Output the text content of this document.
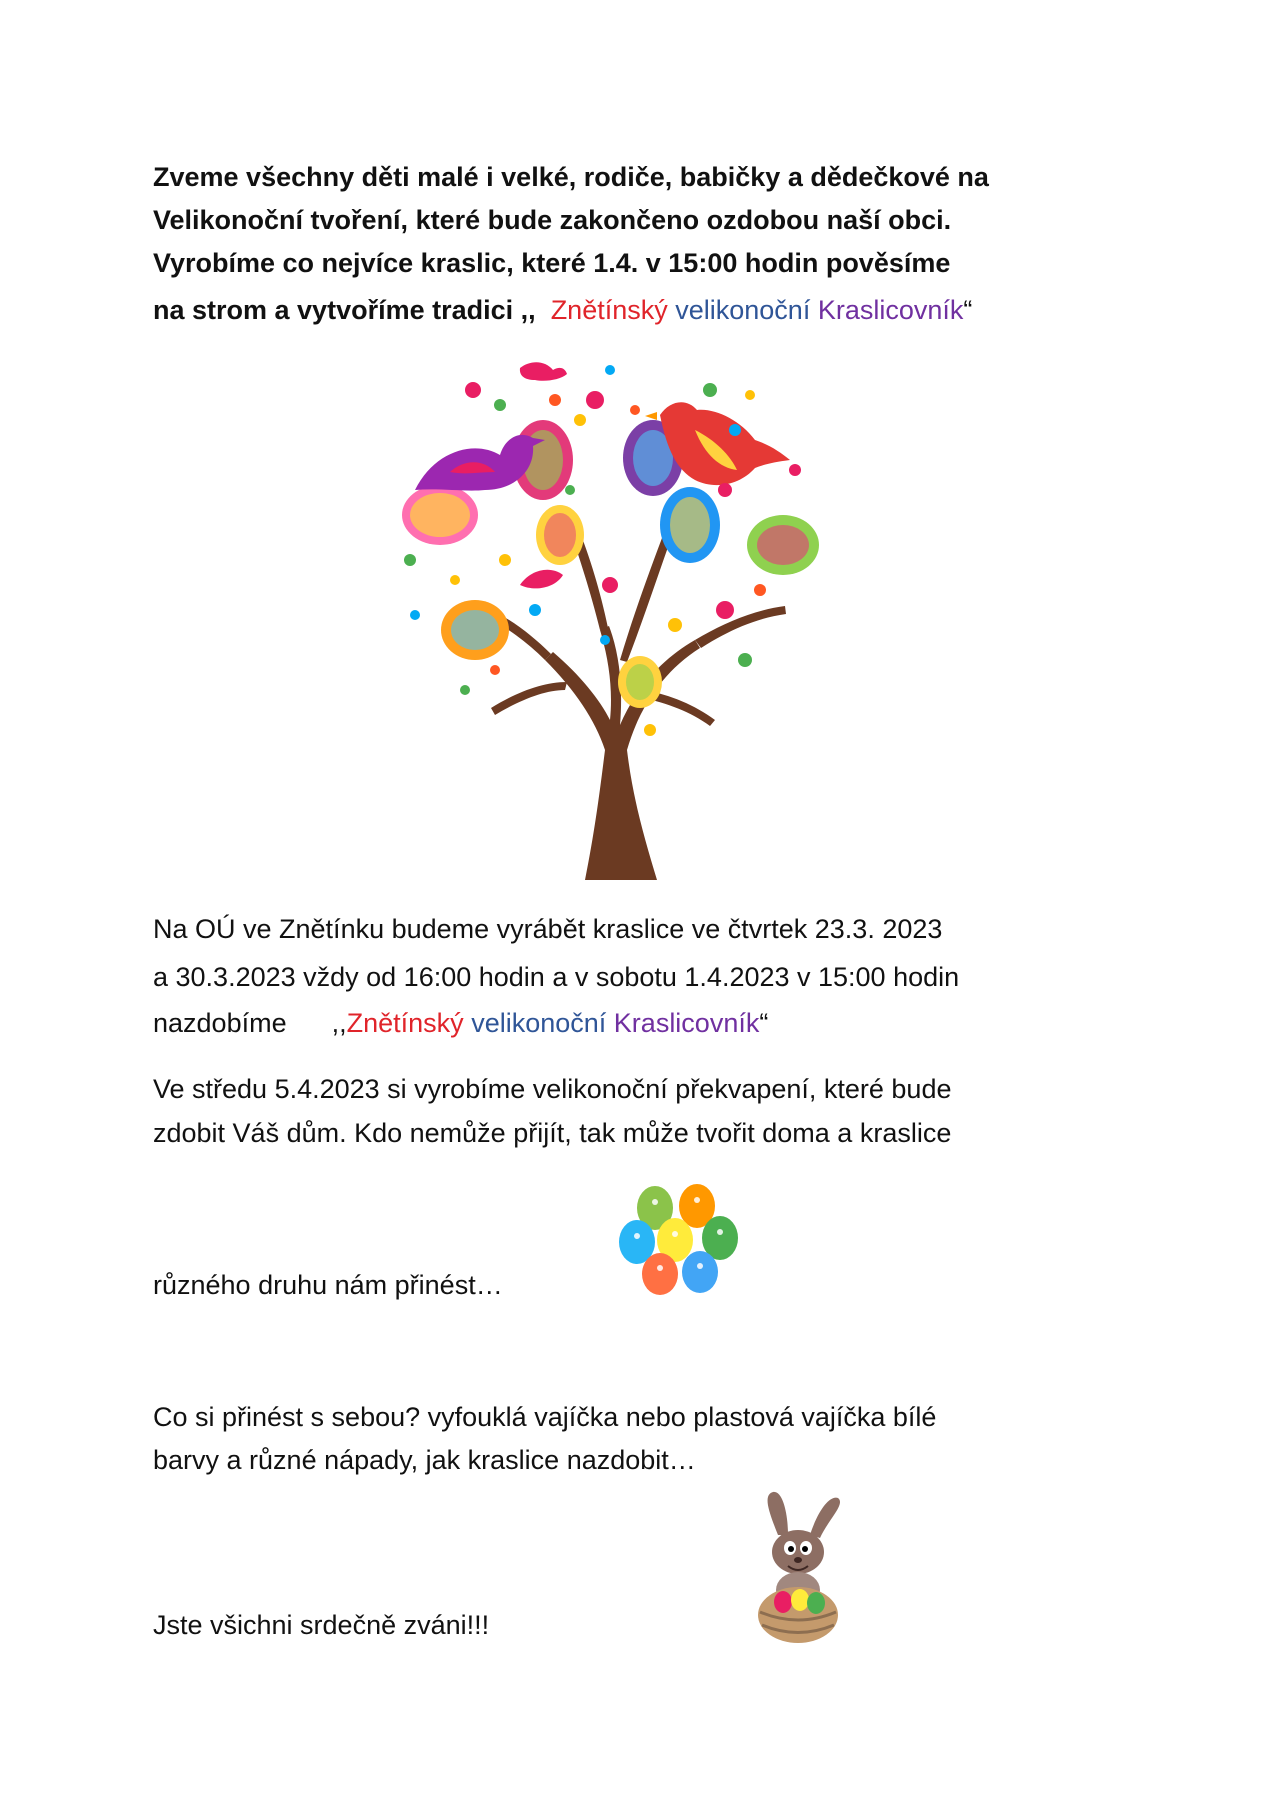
Zveme všechny děti malé i velké, rodiče, babičky a dědečkové na
Velikonoční tvoření, které bude zakončeno ozdobou naší obci.
Vyrobíme co nejvíce kraslic, které 1.4. v 15:00 hodin pověsíme
na strom a vytvoříme tradici ,, Znětínský velikonoční Kraslicovník“
Na OÚ ve Znětínku budeme vyrábět kraslice ve čtvrtek 23.3. 2023
a 30.3.2023 vždy od 16:00 hodin a v sobotu 1.4.2023 v 15:00 hodin
nazdobíme      ,,Znětínský velikonoční Kraslicovník“
Ve středu 5.4.2023 si vyrobíme velikonoční překvapení, které bude
zdobit Váš dům. Kdo nemůže přijít, tak může tvořit doma a kraslice
různého druhu nám přinést…
Co si přinést s sebou? vyfouklá vajíčka nebo plastová vajíčka bílé
barvy a různé nápady, jak kraslice nazdobit…
Jste všichni srdečně zváni!!!
